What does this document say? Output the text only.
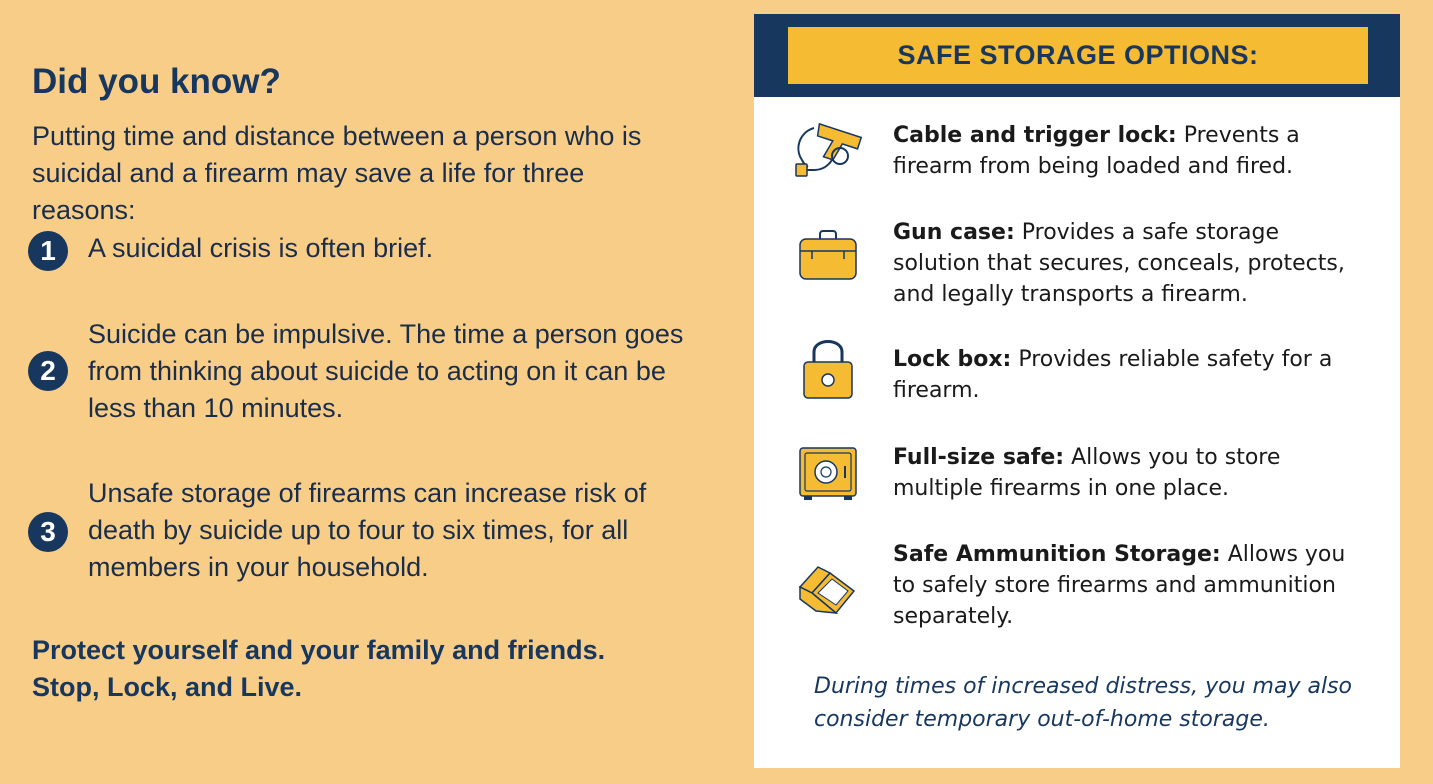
Did you know?

Putting time and distance between a person who is suicidal and a firearm may save a life for three reasons:

1	A suicidal crisis is often brief.
2
Suicide can be impulsive. The time a person goes from thinking about suicide to acting on it can be less than 10 minutes.
3
Unsafe storage of firearms can increase risk of death by suicide up to four to six times, for all members in your household.
Protect yourself and your family and friends.
Stop, Lock, and Live.
SAFE STORAGE OPTIONS:
Cable and trigger lock: Prevents a firearm from being loaded and fired.
Gun case: Provides a safe storage solution that secures, conceals, protects, and legally transports a firearm.
Lock box: Provides reliable safety for a firearm.
Full-size safe: Allows you to store multiple firearms in one place.
Safe Ammunition Storage: Allows you to safely store firearms and ammunition separately.
During times of increased distress, you may also consider temporary out-of-home storage.
